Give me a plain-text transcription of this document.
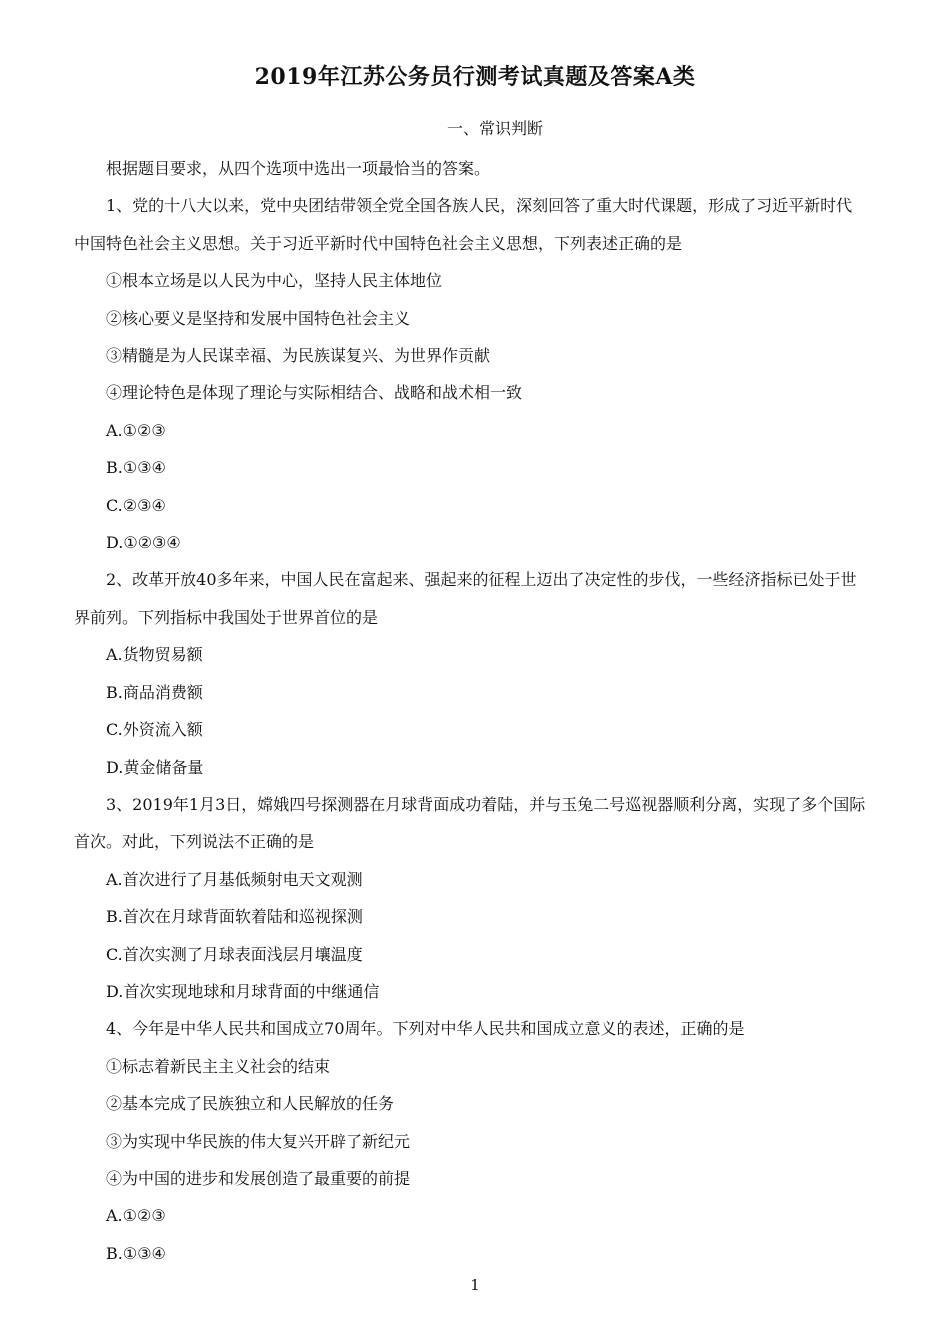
2019年江苏公务员行测考试真题及答案A类
一、常识判断

根据题目要求，从四个选项中选出一项最恰当的答案。

1、党的十八大以来，党中央团结带领全党全国各族人民，深刻回答了重大时代课题，形成了习近平新时代

中国特色社会主义思想。关于习近平新时代中国特色社会主义思想，下列表述正确的是

①根本立场是以人民为中心，坚持人民主体地位

②核心要义是坚持和发展中国特色社会主义

③精髓是为人民谋幸福、为民族谋复兴、为世界作贡献

④理论特色是体现了理论与实际相结合、战略和战术相一致

A.①②③

B.①③④

C.②③④

D.①②③④

2、改革开放40多年来，中国人民在富起来、强起来的征程上迈出了决定性的步伐，一些经济指标已处于世

界前列。下列指标中我国处于世界首位的是

A.货物贸易额

B.商品消费额

C.外资流入额

D.黄金储备量

3、2019年1月3日，嫦娥四号探测器在月球背面成功着陆，并与玉兔二号巡视器顺利分离，实现了多个国际

首次。对此，下列说法不正确的是

A.首次进行了月基低频射电天文观测

B.首次在月球背面软着陆和巡视探测

C.首次实测了月球表面浅层月壤温度

D.首次实现地球和月球背面的中继通信

4、今年是中华人民共和国成立70周年。下列对中华人民共和国成立意义的表述，正确的是

①标志着新民主主义社会的结束

②基本完成了民族独立和人民解放的任务

③为实现中华民族的伟大复兴开辟了新纪元

④为中国的进步和发展创造了最重要的前提

A.①②③

B.①③④

1
